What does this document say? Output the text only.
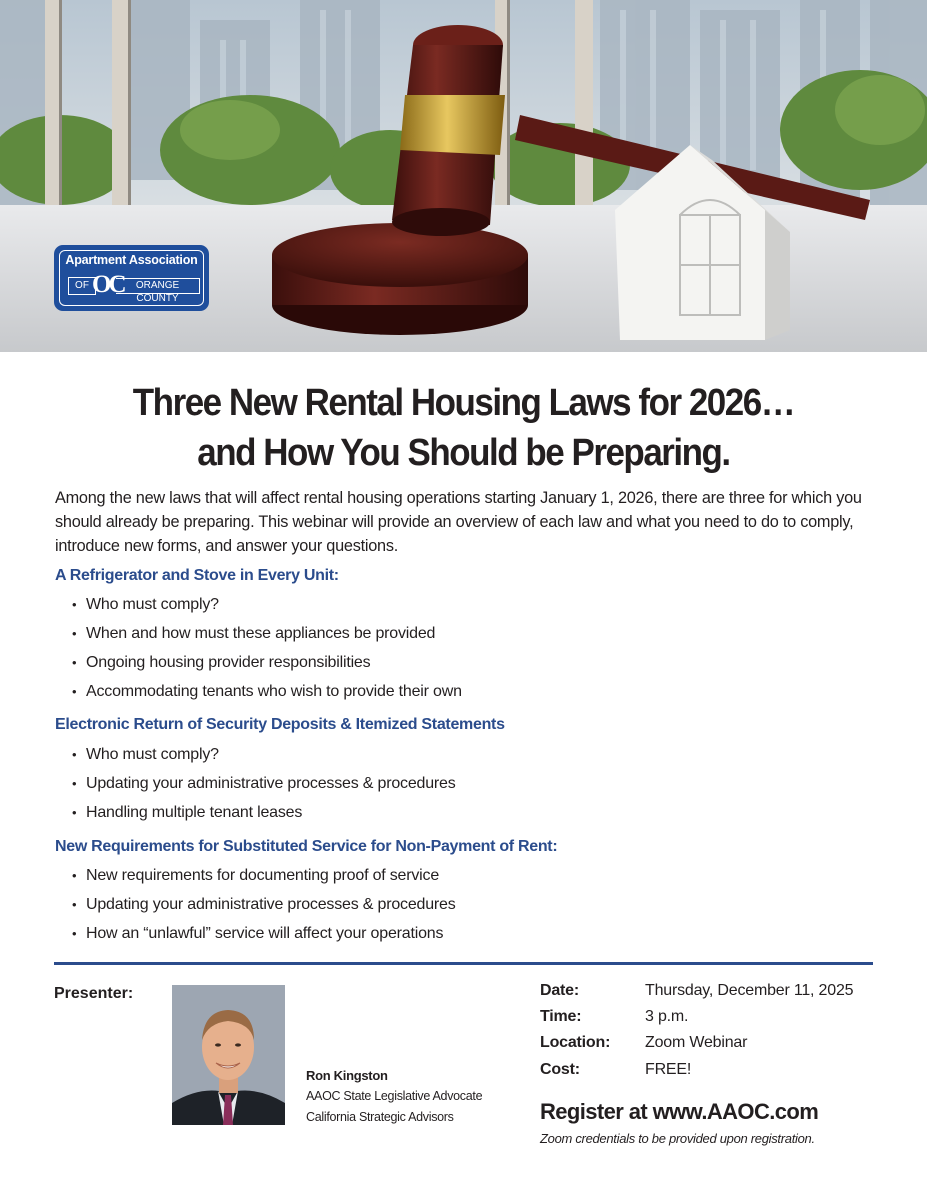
Apartment Association
OF OC	ORANGE COUNTY
Three New Rental Housing Laws for 2026…
and How You Should be Preparing.

Among the new laws that will affect rental housing operations starting January 1, 2026, there are three for which you should already be preparing. This webinar will provide an overview of each law and what you need to do to comply, introduce new forms, and answer your questions.

A Refrigerator and Stove in Every Unit:
• Who must comply?
• When and how must these appliances be provided
• Ongoing housing provider responsibilities
• Accommodating tenants who wish to provide their own
Electronic Return of Security Deposits & Itemized Statements
• Who must comply?
• Updating your administrative processes & procedures
• Handling multiple tenant leases
New Requirements for Substituted Service for Non-Payment of Rent:
• New requirements for documenting proof of service
• Updating your administrative processes & procedures
• How an “unlawful” service will affect your operations
Presenter:
Ron Kingston
AAOC State Legislative Advocate
California Strategic Advisors
Date:	Thursday, December 11, 2025
Time:	3 p.m.
Location: Zoom Webinar
Cost:	FREE!
Register at www.AAOC.com
Zoom credentials to be provided upon registration.
